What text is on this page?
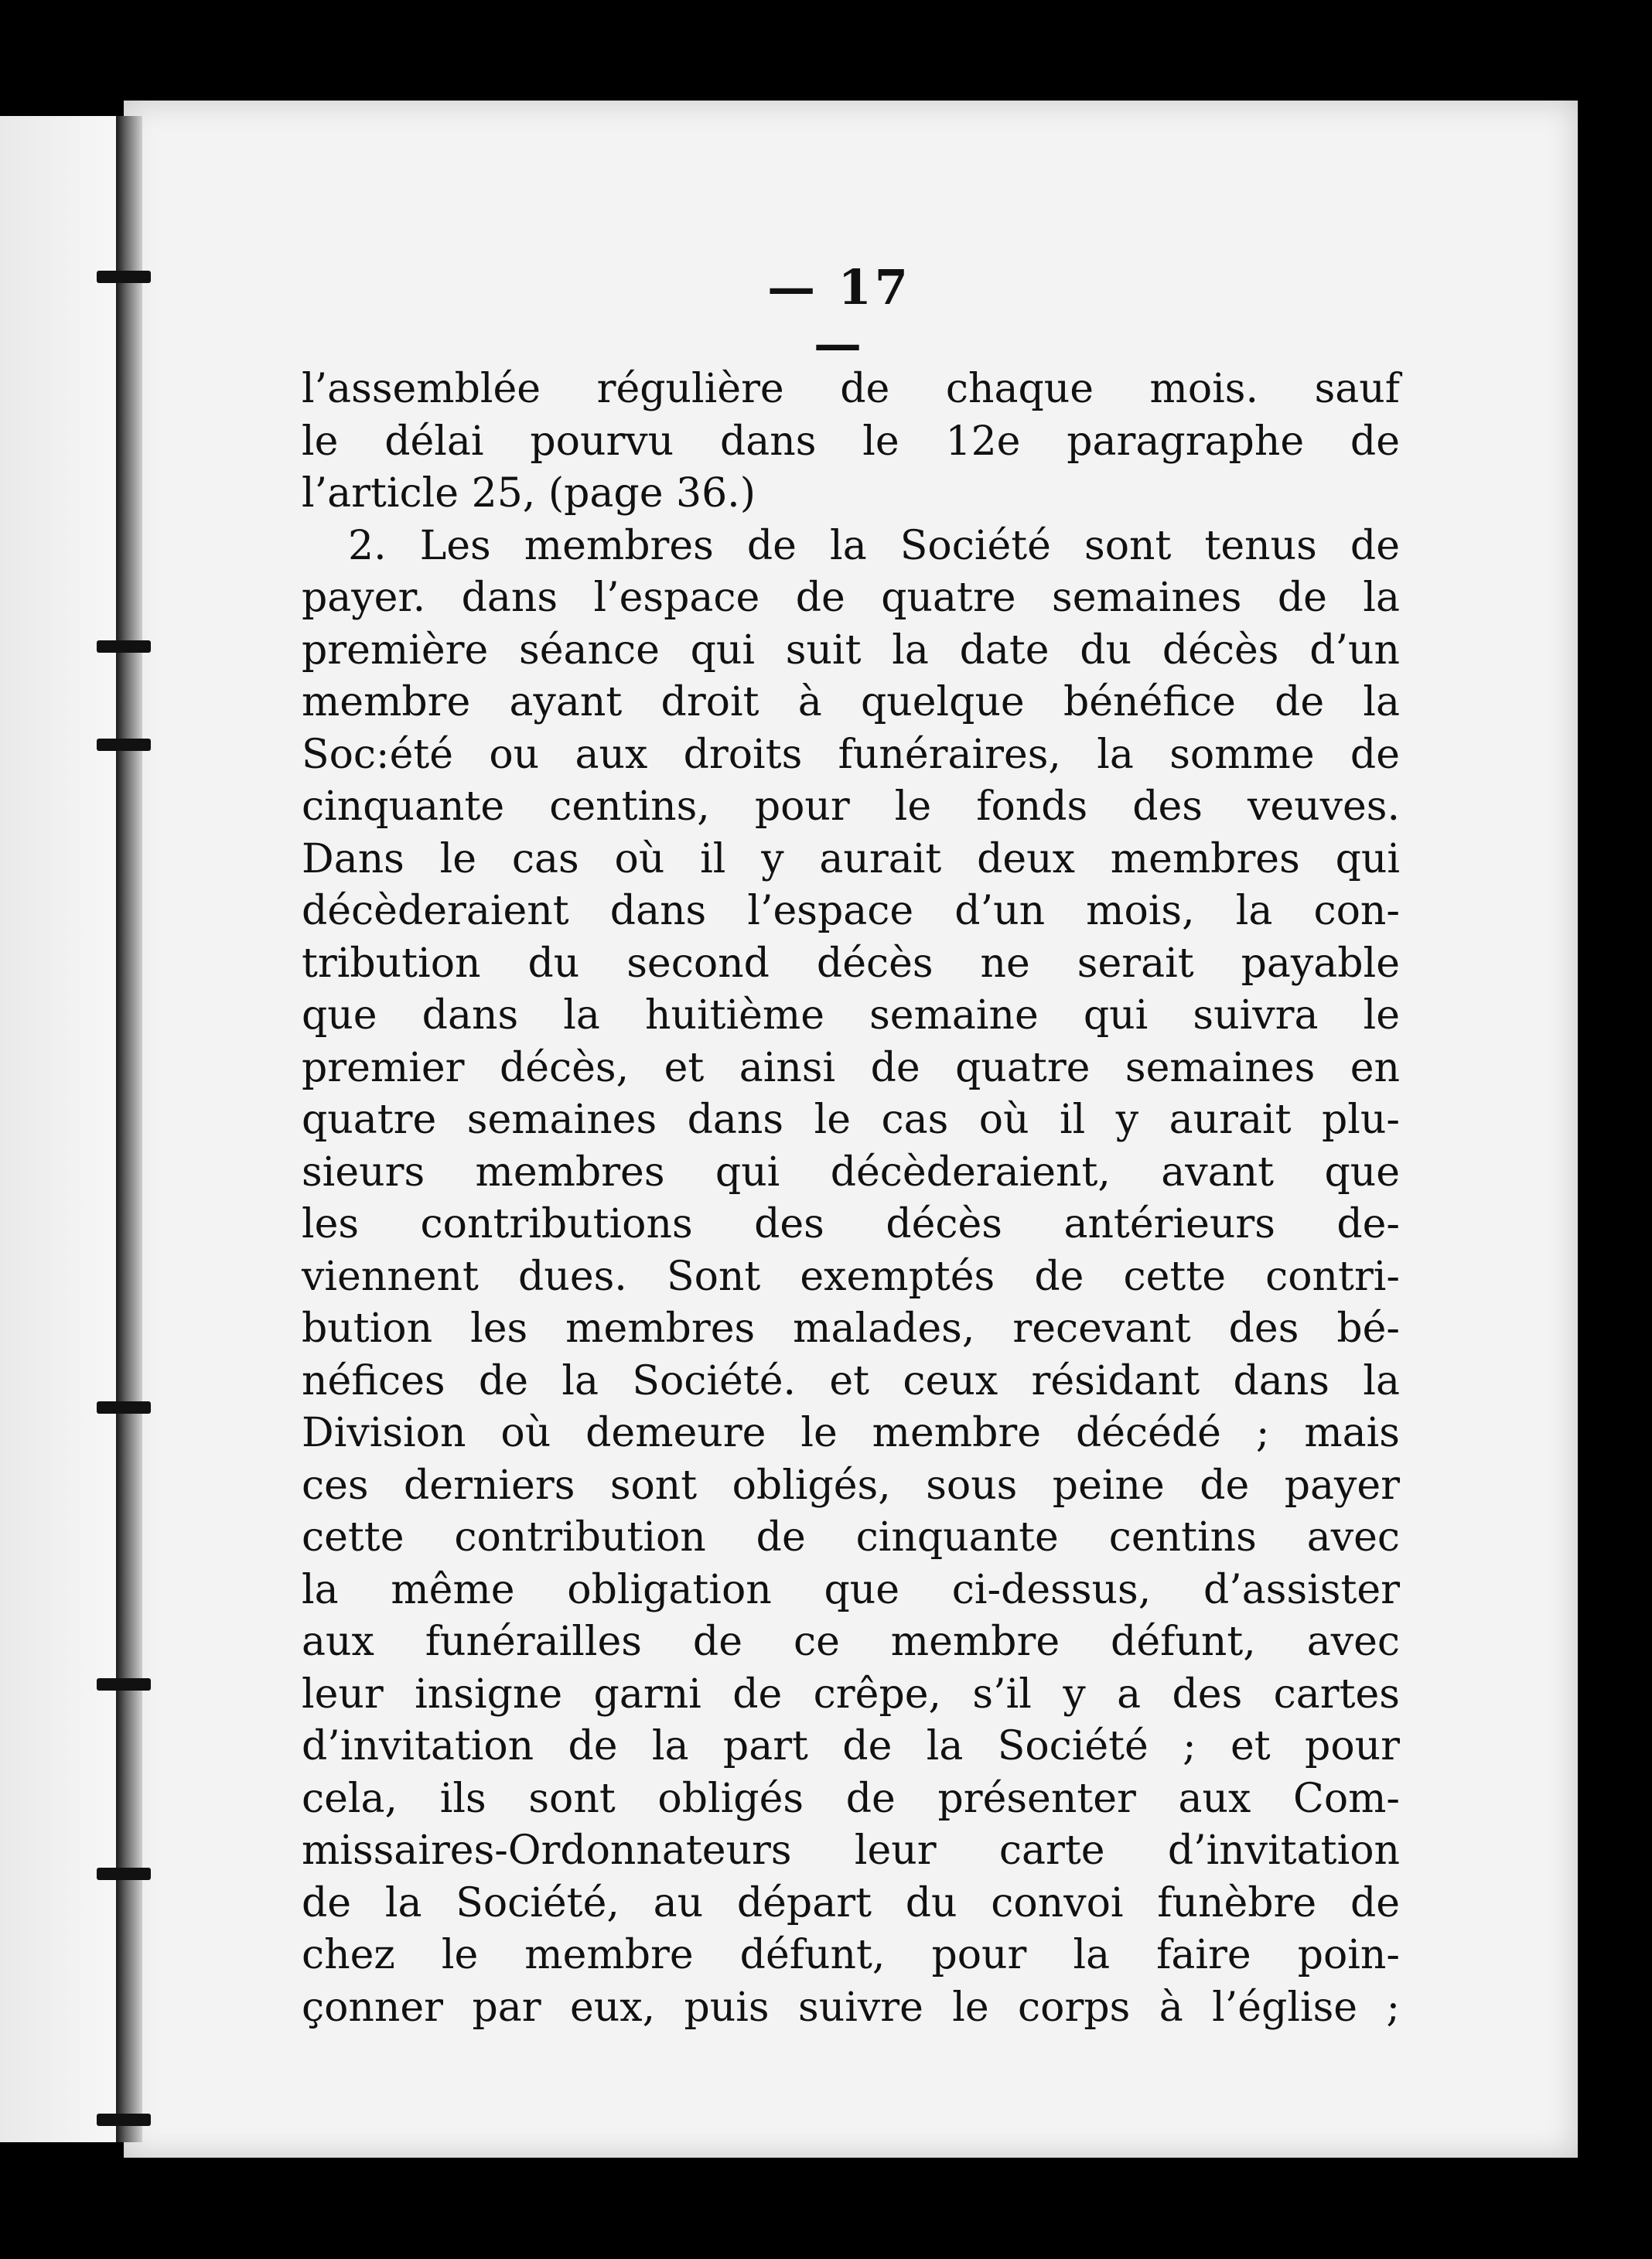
— 17 —
l’assemblée régulière de chaque mois. sauf
le délai pourvu dans le 12e paragraphe de
l’article 25, (page 36.)
2. Les membres de la Société sont tenus de
payer. dans l’espace de quatre semaines de la
première séance qui suit la date du décès d’un
membre ayant droit à quelque bénéfice de la
Soc:été ou aux droits funéraires, la somme de
cinquante centins, pour le fonds des veuves.
Dans le cas où il y aurait deux membres qui
décèderaient dans l’espace d’un mois, la con-
tribution du second décès ne serait payable
que dans la huitième semaine qui suivra le
premier décès, et ainsi de quatre semaines en
quatre semaines dans le cas où il y aurait plu-
sieurs membres qui décèderaient, avant que
les contributions des décès antérieurs de-
viennent dues. Sont exemptés de cette contri-
bution les membres malades, recevant des bé-
néfices de la Société. et ceux résidant dans la
Division où demeure le membre décédé ; mais
ces derniers sont obligés, sous peine de payer
cette contribution de cinquante centins avec
la même obligation que ci-dessus, d’assister
aux funérailles de ce membre défunt, avec
leur insigne garni de crêpe, s’il y a des cartes
d’invitation de la part de la Société ; et pour
cela, ils sont obligés de présenter aux Com-
missaires-Ordonnateurs leur carte d’invitation
de la Société, au départ du convoi funèbre de
chez le membre défunt, pour la faire poin-
çonner par eux, puis suivre le corps à l’église ;
